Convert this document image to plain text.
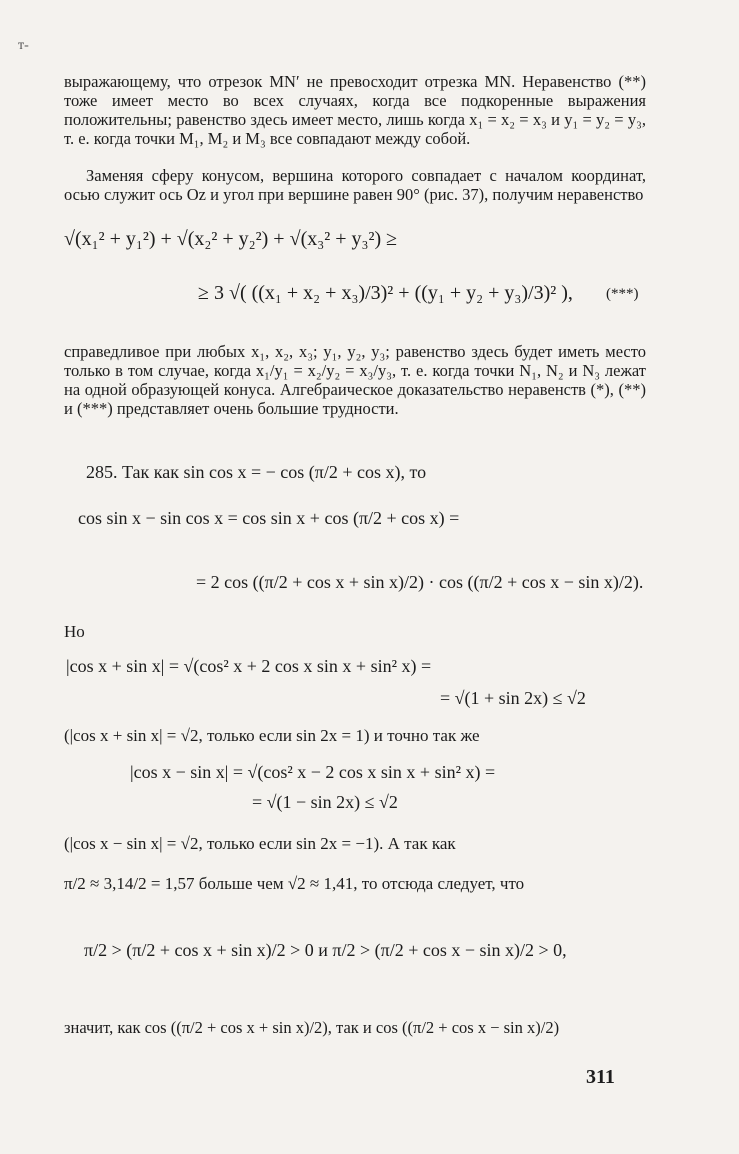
т-
выражающему, что отрезок MN′ не превосходит отрезка MN. Неравенство (**) тоже имеет место во всех случаях, когда все подкоренные выражения положительны; равенство здесь имеет место, лишь когда x₁ = x₂ = x₃ и y₁ = y₂ = y₃, т. е. когда точки M₁, M₂ и M₃ все совпадают между собой.
Заменяя сферу конусом, вершина которого совпадает с началом координат, осью служит ось Oz и угол при вершине равен 90° (рис. 37), получим неравенство
√(x₁² + y₁²) + √(x₂² + y₂²) + √(x₃² + y₃²) ≥
≥ 3 √( ((x₁ + x₂ + x₃)/3)² + ((y₁ + y₂ + y₃)/3)² ), (***)
справедливое при любых x₁, x₂, x₃; y₁, y₂, y₃; равенство здесь будет иметь место только в том случае, когда x₁/y₁ = x₂/y₂ = x₃/y₃, т. е. когда точки N₁, N₂ и N₃ лежат на одной образующей конуса. Алгебраическое доказательство неравенств (*), (**) и (***) представляет очень большие трудности.
285. Так как sin cos x = − cos (π/2 + cos x), то
cos sin x − sin cos x = cos sin x + cos (π/2 + cos x) =
= 2 cos ((π/2 + cos x + sin x)/2) · cos ((π/2 + cos x − sin x)/2).
Но
|cos x + sin x| = √(cos² x + 2 cos x sin x + sin² x) =
= √(1 + sin 2x) ≤ √2
(|cos x + sin x| = √2, только если sin 2x = 1) и точно так же
|cos x − sin x| = √(cos² x − 2 cos x sin x + sin² x) =
= √(1 − sin 2x) ≤ √2
(|cos x − sin x| = √2, только если sin 2x = −1). А так как
π/2 ≈ 3,14/2 = 1,57 больше чем √2 ≈ 1,41, то отсюда следует, что
π/2 > (π/2 + cos x + sin x)/2 > 0 и π/2 > (π/2 + cos x − sin x)/2 > 0,
значит, как cos ((π/2 + cos x + sin x)/2), так и cos ((π/2 + cos x − sin x)/2)
311
